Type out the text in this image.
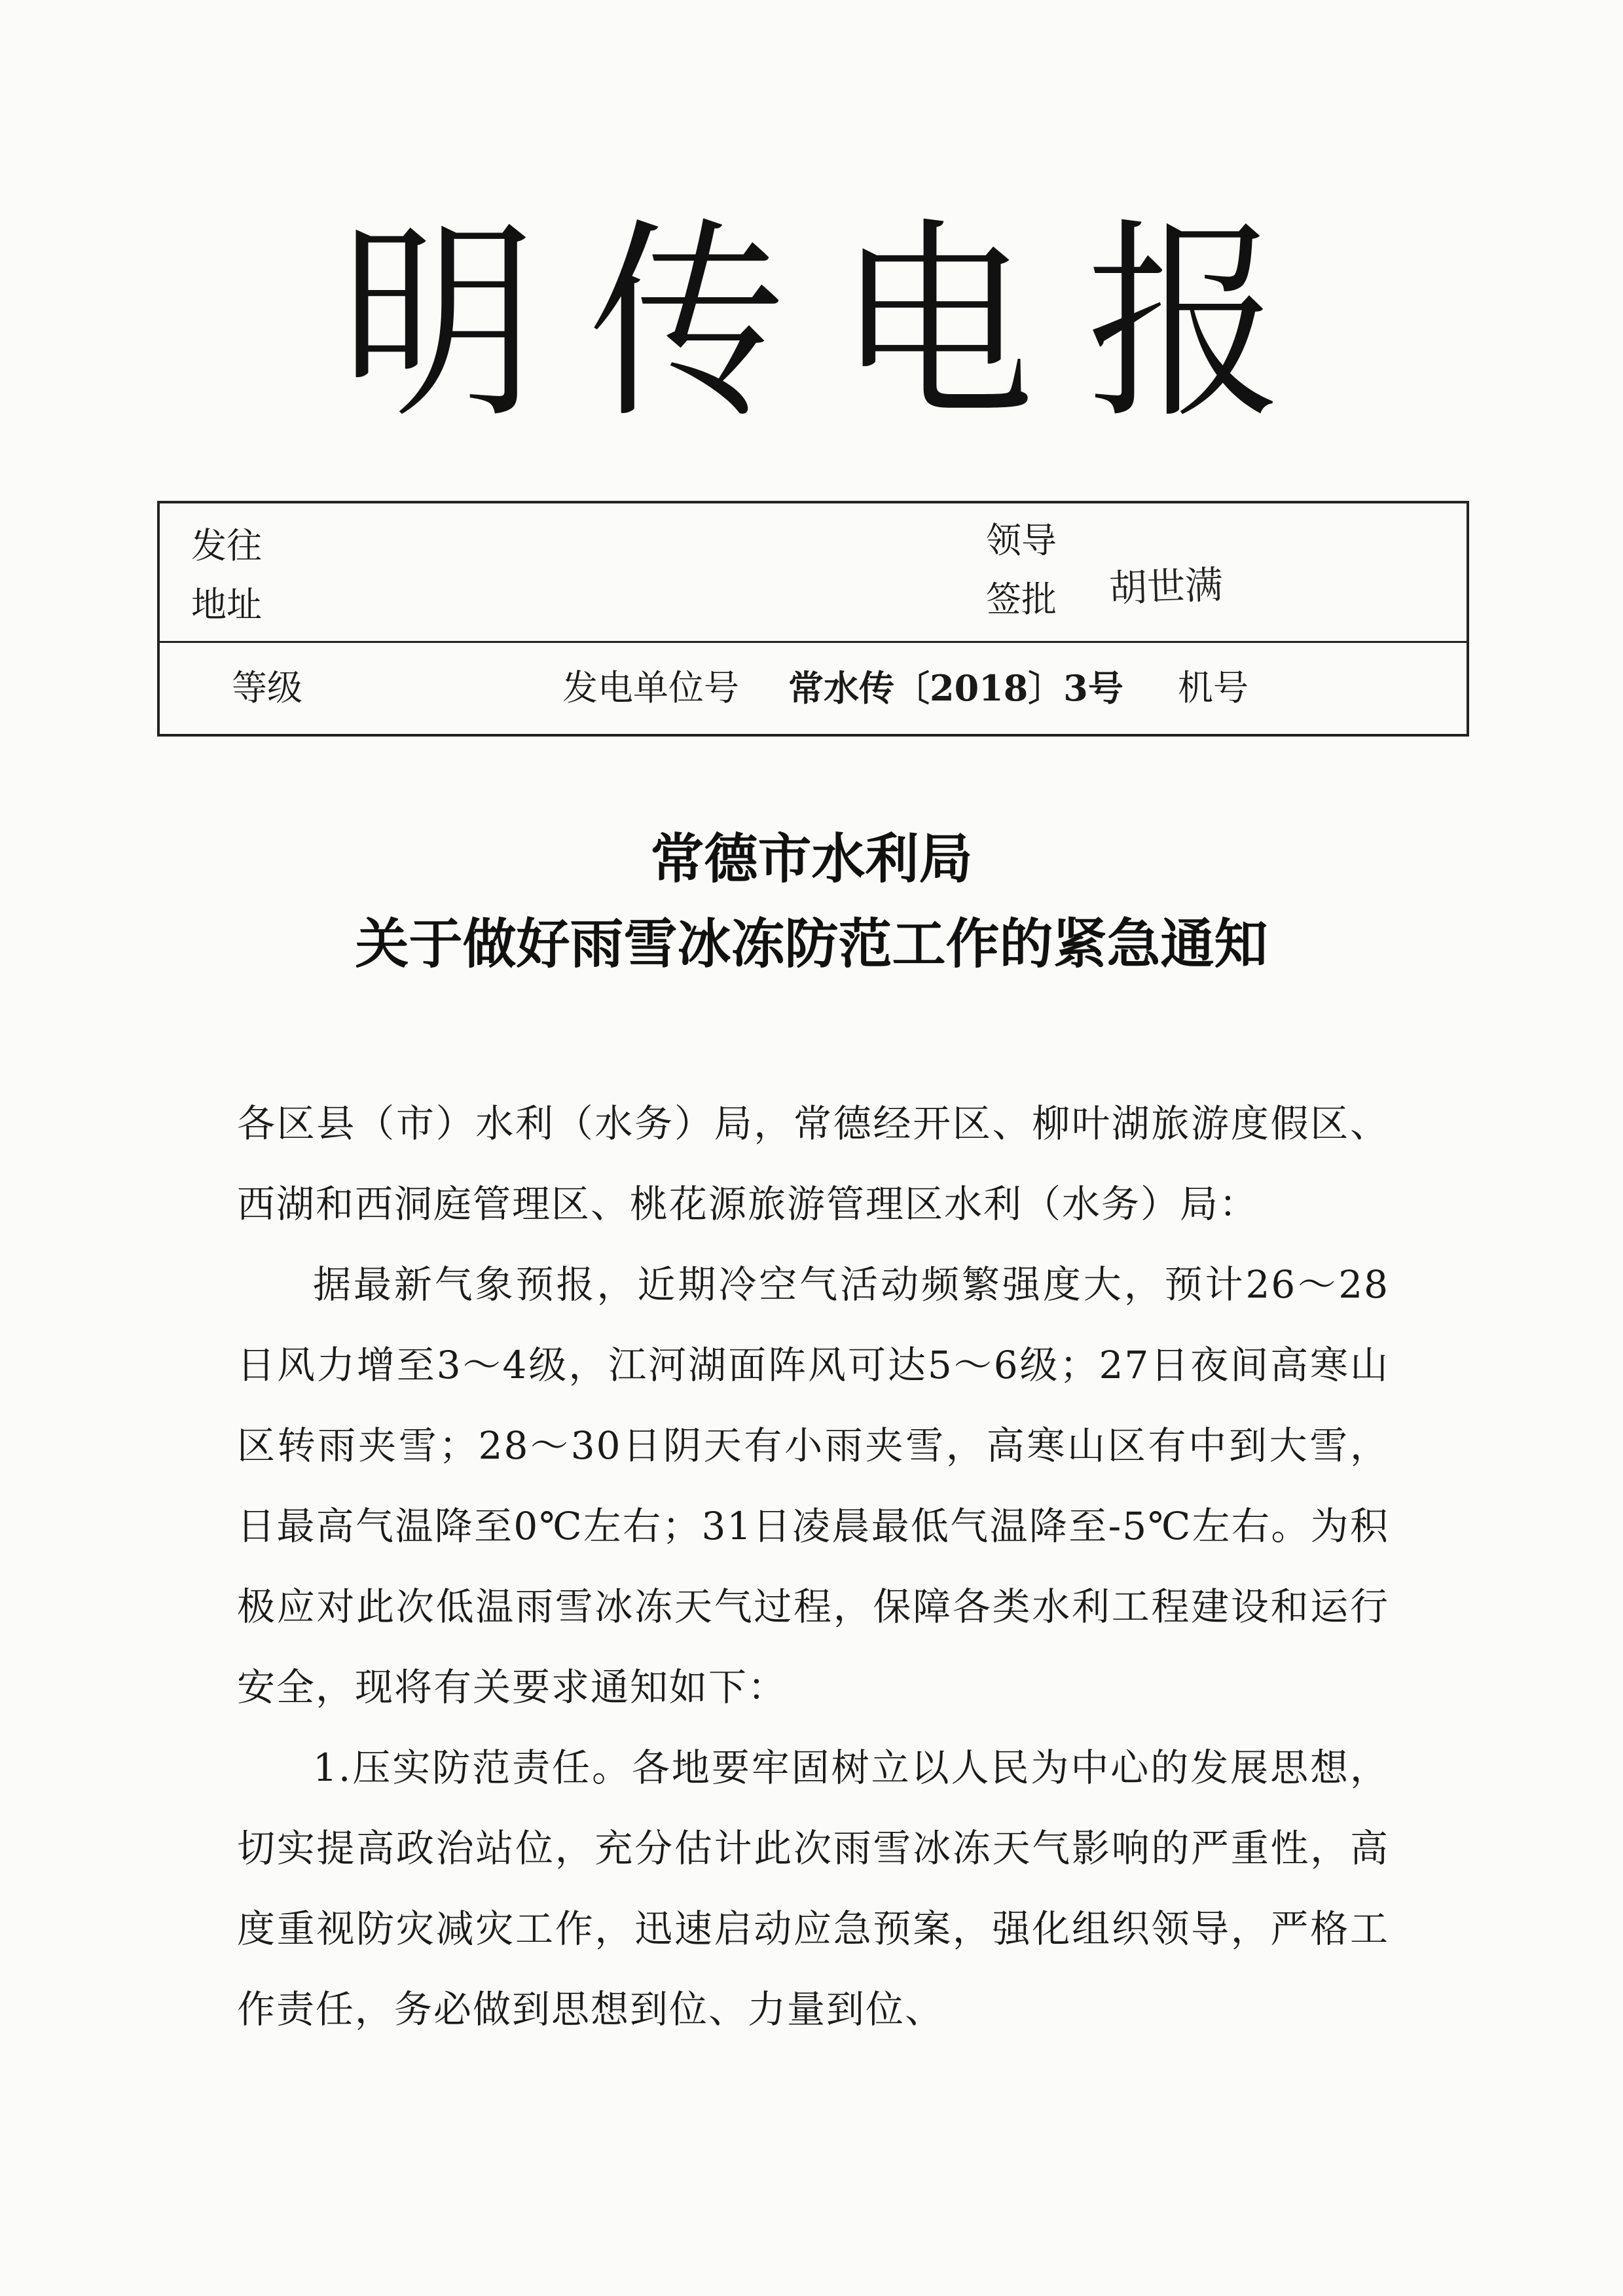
明传电报
发往
地址
领导
签批 胡世满
等级	发电单位号 常水传〔2018〕3号 机号
常德市水利局
关于做好雨雪冰冻防范工作的紧急通知

各区县（市）水利（水务）局，常德经开区、柳叶湖旅游度假区、西湖和西洞庭管理区、桃花源旅游管理区水利（水务）局：

据最新气象预报，近期冷空气活动频繁强度大，预计26～28日风力增至3～4级，江河湖面阵风可达5～6级；27日夜间高寒山区转雨夹雪；28～30日阴天有小雨夹雪，高寒山区有中到大雪，日最高气温降至0℃左右；31日凌晨最低气温降至-5℃左右。为积极应对此次低温雨雪冰冻天气过程，保障各类水利工程建设和运行安全，现将有关要求通知如下：

1.压实防范责任。各地要牢固树立以人民为中心的发展思想，切实提高政治站位，充分估计此次雨雪冰冻天气影响的严重性，高度重视防灾减灾工作，迅速启动应急预案，强化组织领导，严格工作责任，务必做到思想到位、力量到位、
